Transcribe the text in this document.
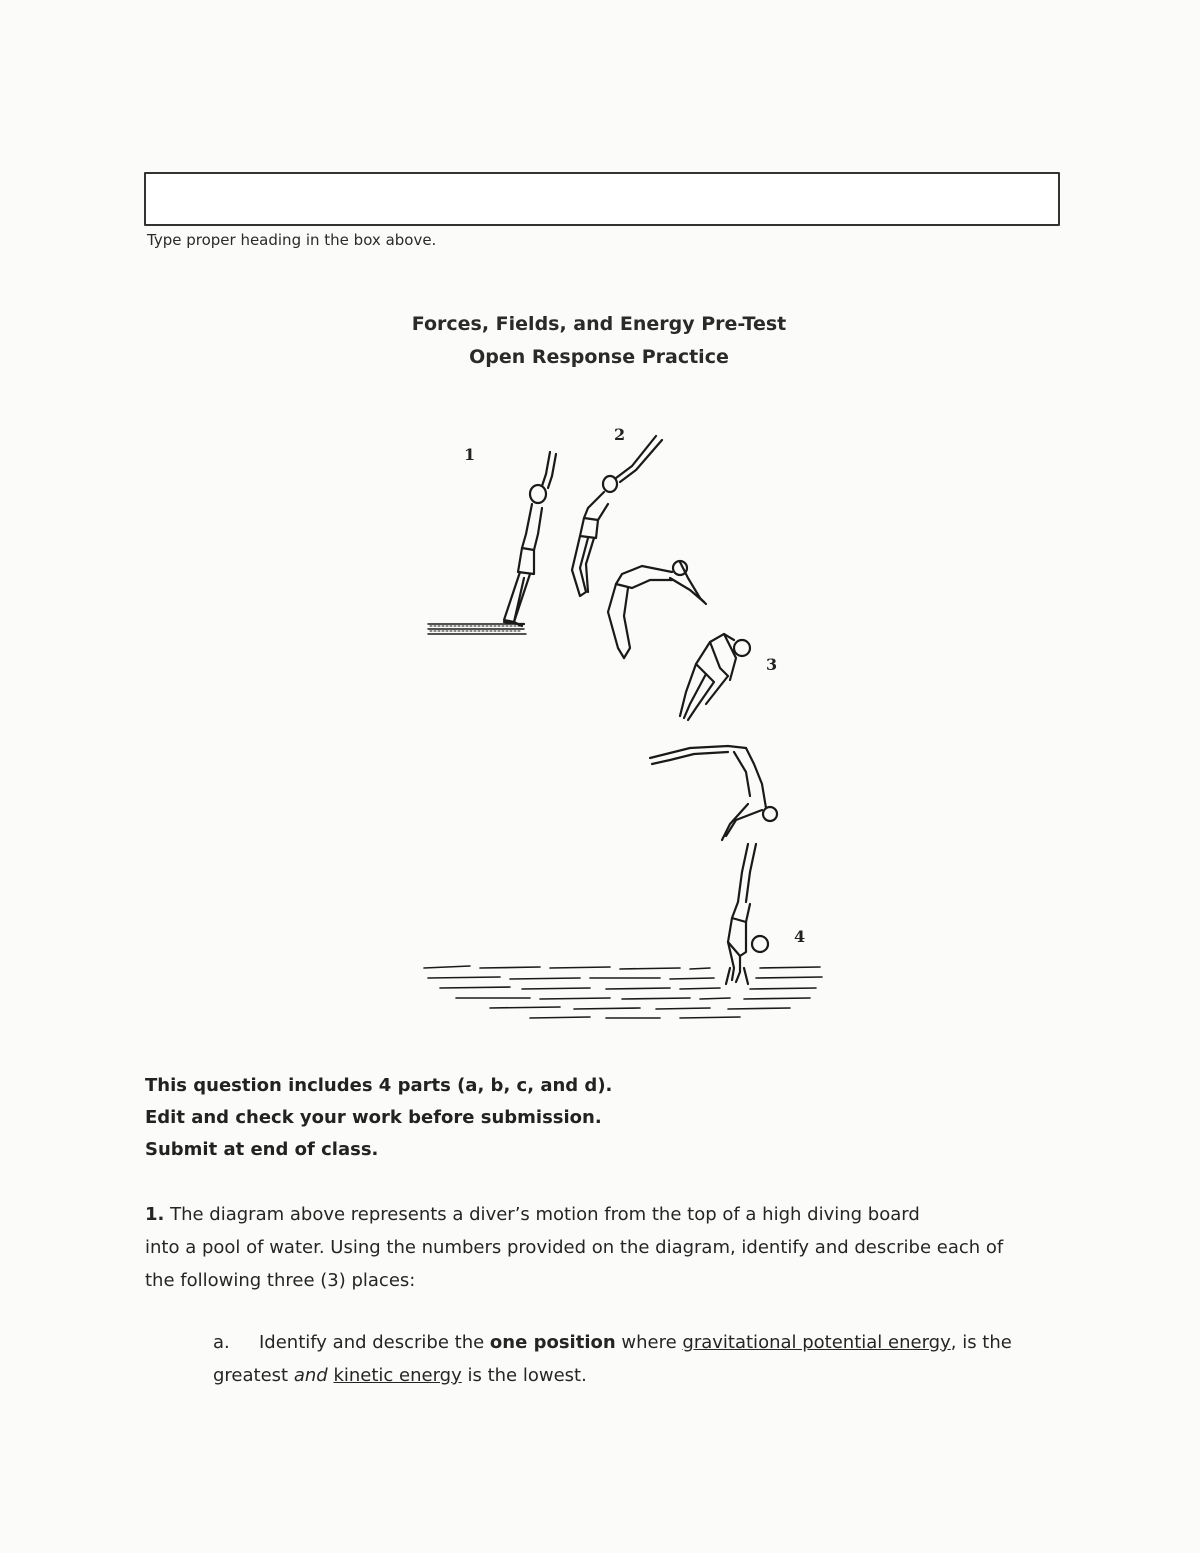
Type proper heading in the box above.
Forces, Fields, and Energy Pre-Test
Open Response Practice
1
2
3
4
This question includes 4 parts (a, b, c, and d).
Edit and check your work before submission.
Submit at end of class.
1. The diagram above represents a diver’s motion from the top of a high diving board
into a pool of water. Using the numbers provided on the diagram, identify and describe each of
the following three (3) places:
a. Identify and describe the one position where gravitational potential energy, is the
greatest and kinetic energy is the lowest.
